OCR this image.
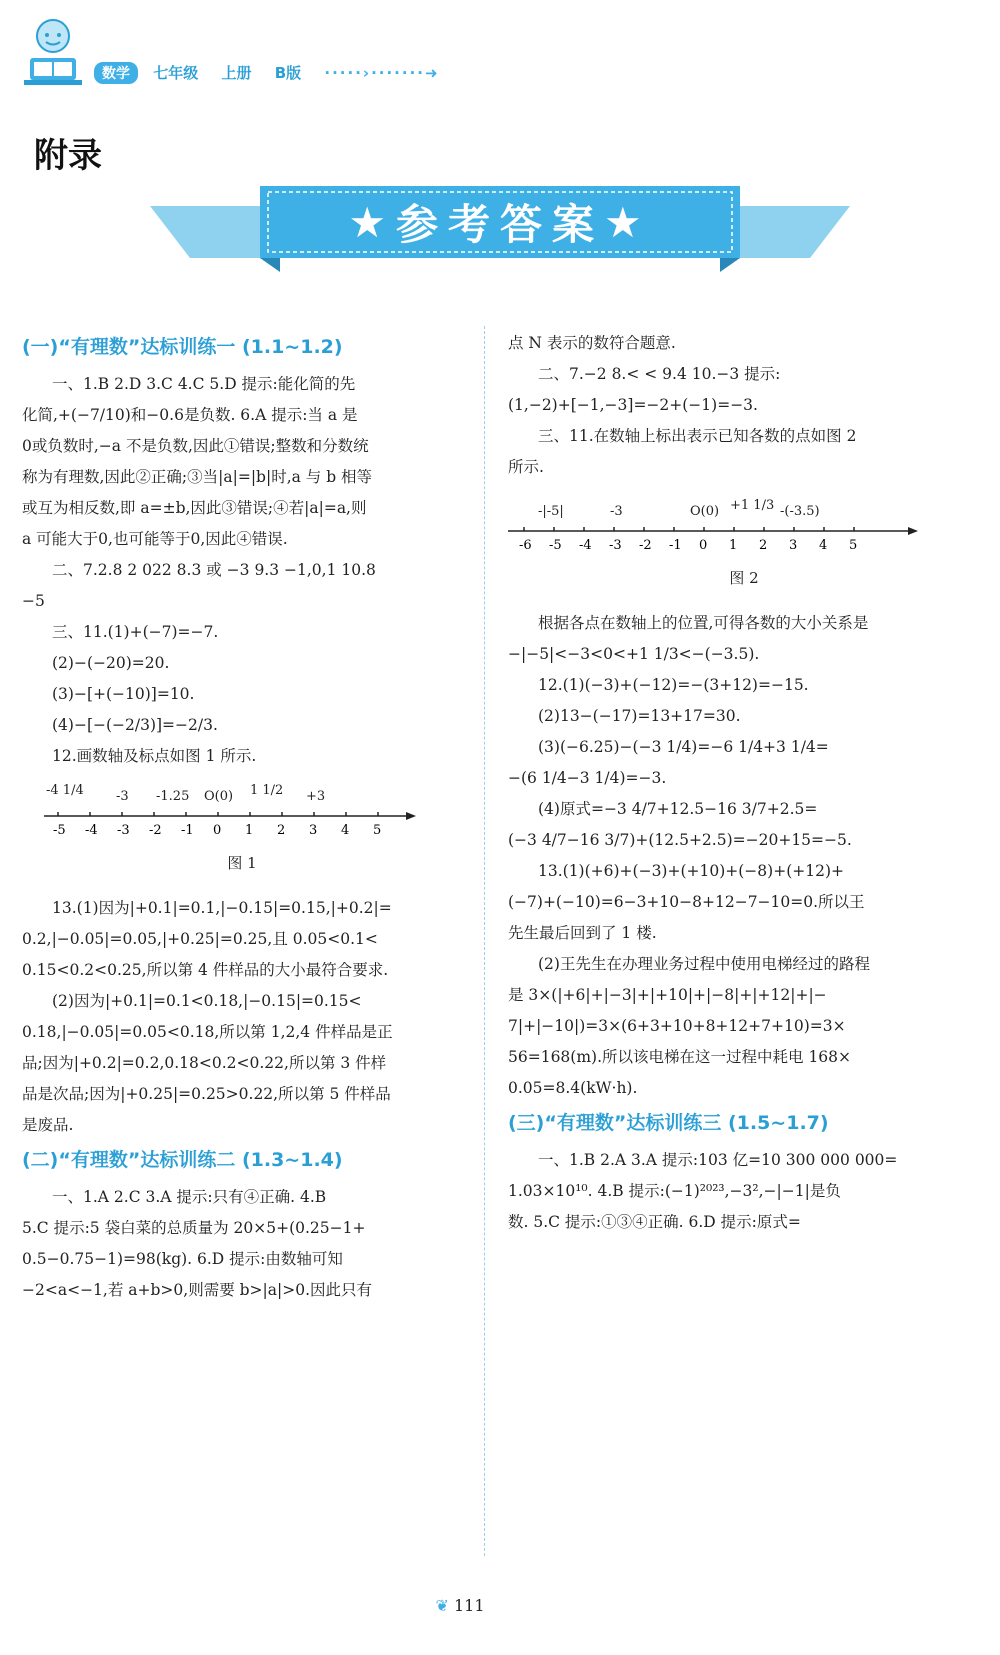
数学 七年级 上册 B版 ·····›·······➜
附录
★ 参考答案 ★
(一)“有理数”达标训练一 (1.1~1.2)

一、1.B 2.D 3.C 4.C 5.D 提示:能化简的先

化简,+(−7/10)和−0.6是负数. 6.A 提示:当 a 是

0或负数时,−a 不是负数,因此①错误;整数和分数统

称为有理数,因此②正确;③当|a|=|b|时,a 与 b 相等

或互为相反数,即 a=±b,因此③错误;④若|a|=a,则

a 可能大于0,也可能等于0,因此④错误.

二、7.2.8 2 022 8.3 或 −3 9.3 −1,0,1 10.8

−5

三、11.(1)+(−7)=−7.

(2)−(−20)=20.

(3)−[+(−10)]=10.

(4)−[−(−2/3)]=−2/3.

12.画数轴及标点如图 1 所示.

-4 1/4 -3 -1.25 O(0) 1 1/2 +3
-5 -4 -3 -2 -1 0 1 2 3 4 5
图 1

13.(1)因为|+0.1|=0.1,|−0.15|=0.15,|+0.2|=

0.2,|−0.05|=0.05,|+0.25|=0.25,且 0.05<0.1<

0.15<0.2<0.25,所以第 4 件样品的大小最符合要求.

(2)因为|+0.1|=0.1<0.18,|−0.15|=0.15<

0.18,|−0.05|=0.05<0.18,所以第 1,2,4 件样品是正

品;因为|+0.2|=0.2,0.18<0.2<0.22,所以第 3 件样

品是次品;因为|+0.25|=0.25>0.22,所以第 5 件样品

是废品.

(二)“有理数”达标训练二 (1.3~1.4)

一、1.A 2.C 3.A 提示:只有④正确. 4.B

5.C 提示:5 袋白菜的总质量为 20×5+(0.25−1+

0.5−0.75−1)=98(kg). 6.D 提示:由数轴可知

−2<a<−1,若 a+b>0,则需要 b>|a|>0.因此只有

点 N 表示的数符合题意.

二、7.−2 8.< < 9.4 10.−3 提示:

(1,−2)+[−1,−3]=−2+(−1)=−3.

三、11.在数轴上标出表示已知各数的点如图 2

所示.

-|-5|	-3	O(0) +1 1/3 -(-3.5)
-6 -5 -4 -3 -2 -1 0 1 2 3 4 5
图 2

根据各点在数轴上的位置,可得各数的大小关系是

−|−5|<−3<0<+1 1/3<−(−3.5).

12.(1)(−3)+(−12)=−(3+12)=−15.

(2)13−(−17)=13+17=30.

(3)(−6.25)−(−3 1/4)=−6 1/4+3 1/4=

−(6 1/4−3 1/4)=−3.

(4)原式=−3 4/7+12.5−16 3/7+2.5=

(−3 4/7−16 3/7)+(12.5+2.5)=−20+15=−5.

13.(1)(+6)+(−3)+(+10)+(−8)+(+12)+

(−7)+(−10)=6−3+10−8+12−7−10=0.所以王

先生最后回到了 1 楼.

(2)王先生在办理业务过程中使用电梯经过的路程

是 3×(|+6|+|−3|+|+10|+|−8|+|+12|+|−

7|+|−10|)=3×(6+3+10+8+12+7+10)=3×

56=168(m).所以该电梯在这一过程中耗电 168×

0.05=8.4(kW·h).

(三)“有理数”达标训练三 (1.5~1.7)

一、1.B 2.A 3.A 提示:103 亿=10 300 000 000=

1.03×10¹⁰. 4.B 提示:(−1)²⁰²³,−3²,−|−1|是负

数. 5.C 提示:①③④正确. 6.D 提示:原式=

❦ 111
